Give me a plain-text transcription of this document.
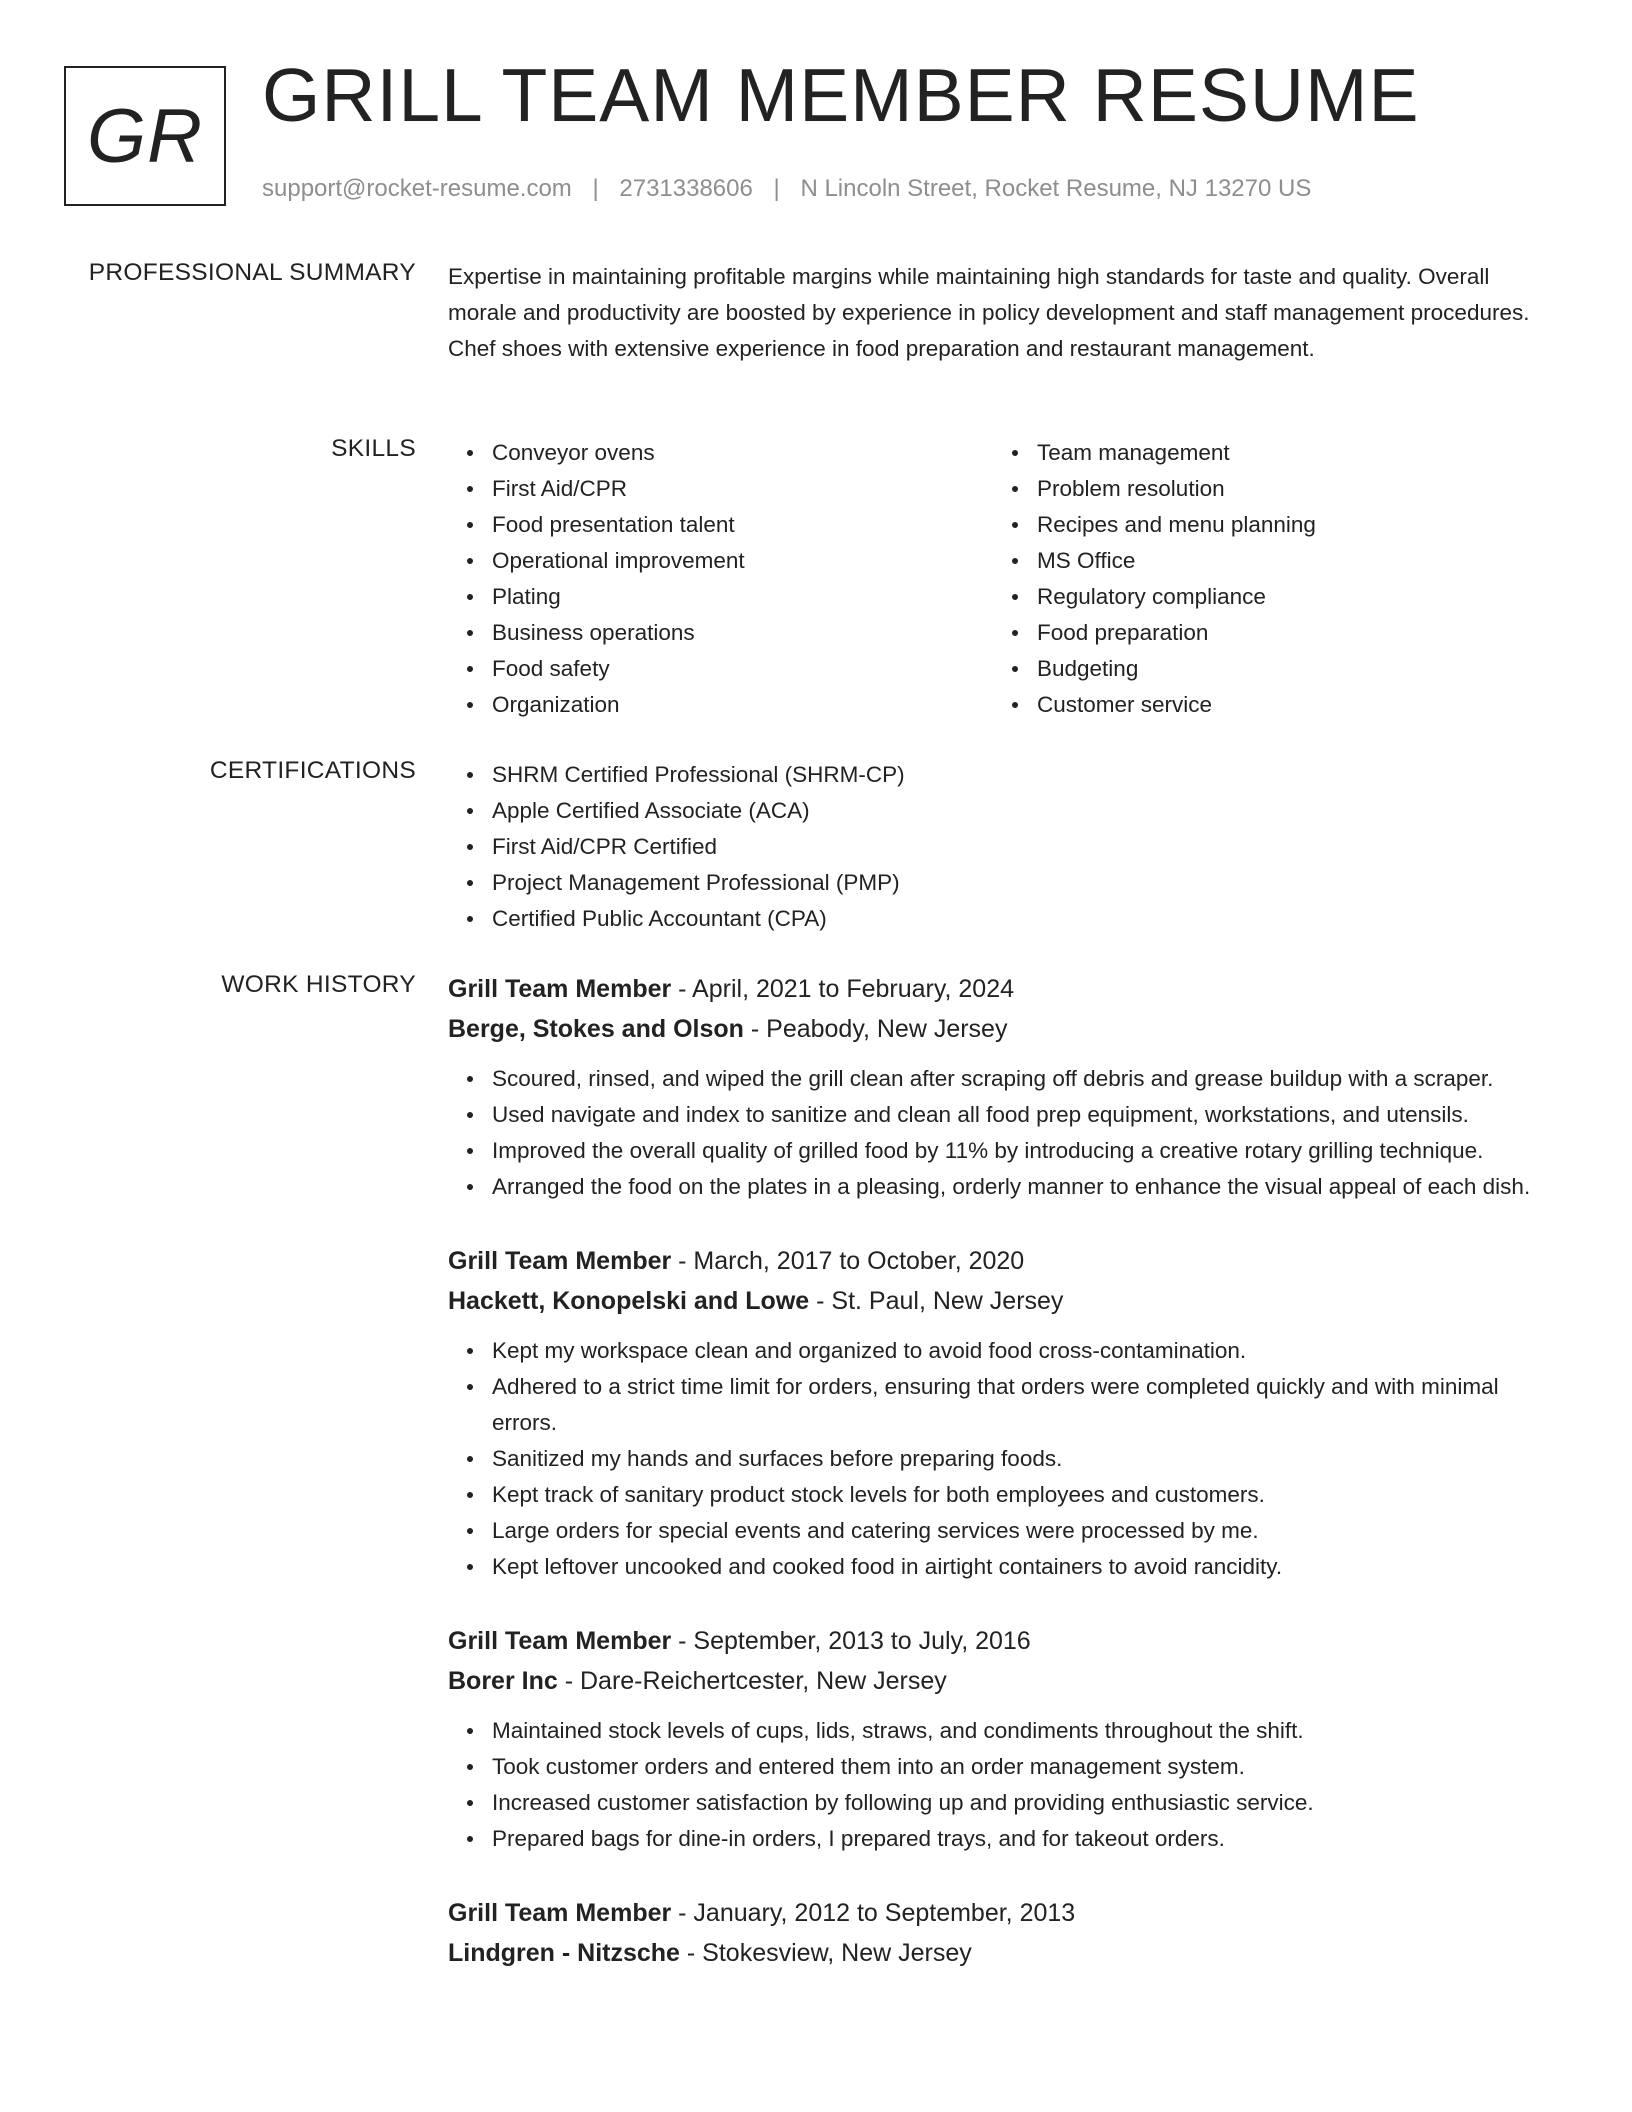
GR GRILL TEAM MEMBER RESUME
support@rocket-resume.com | 2731338606 | N Lincoln Street, Rocket Resume, NJ 13270 US
PROFESSIONAL SUMMARY Expertise in maintaining profitable margins while maintaining high standards for taste and quality. Overall morale and productivity are boosted by experience in policy development and staff management procedures. Chef shoes with extensive experience in food preparation and restaurant management.
SKILLS	Conveyor ovens
First Aid/CPR
Food presentation talent
Operational improvement
Plating
Business operations
Food safety
Organization
Team management
Problem resolution
Recipes and menu planning
MS Office
Regulatory compliance
Food preparation
Budgeting
Customer service
CERTIFICATIONS	SHRM Certified Professional (SHRM-CP)
Apple Certified Associate (ACA)
First Aid/CPR Certified
Project Management Professional (PMP)
Certified Public Accountant (CPA)
WORK HISTORY Grill Team Member - April, 2021 to February, 2024
Berge, Stokes and Olson - Peabody, New Jersey
Scoured, rinsed, and wiped the grill clean after scraping off debris and grease buildup with a scraper.
Used navigate and index to sanitize and clean all food prep equipment, workstations, and utensils.
Improved the overall quality of grilled food by 11% by introducing a creative rotary grilling technique.
Arranged the food on the plates in a pleasing, orderly manner to enhance the visual appeal of each dish.
Grill Team Member - March, 2017 to October, 2020
Hackett, Konopelski and Lowe - St. Paul, New Jersey
Kept my workspace clean and organized to avoid food cross-contamination.
Adhered to a strict time limit for orders, ensuring that orders were completed quickly and with minimal errors.
Sanitized my hands and surfaces before preparing foods.
Kept track of sanitary product stock levels for both employees and customers.
Large orders for special events and catering services were processed by me.
Kept leftover uncooked and cooked food in airtight containers to avoid rancidity.
Grill Team Member - September, 2013 to July, 2016
Borer Inc - Dare-Reichertcester, New Jersey
Maintained stock levels of cups, lids, straws, and condiments throughout the shift.
Took customer orders and entered them into an order management system.
Increased customer satisfaction by following up and providing enthusiastic service.
Prepared bags for dine-in orders, I prepared trays, and for takeout orders.
Grill Team Member - January, 2012 to September, 2013
Lindgren - Nitzsche - Stokesview, New Jersey
